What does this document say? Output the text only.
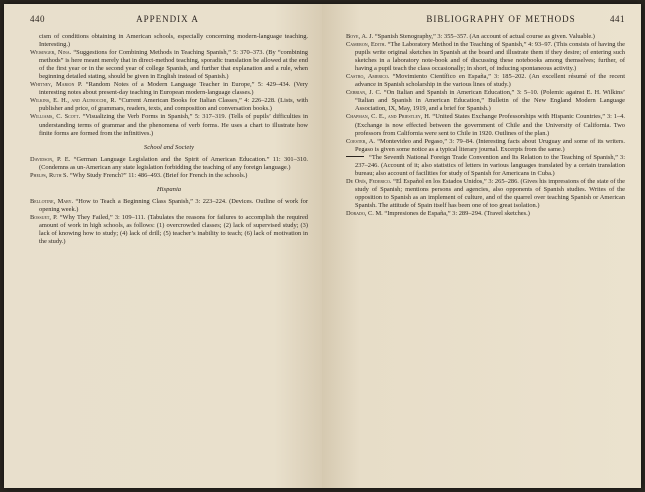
440	APPENDIX A
cism of conditions obtaining in American schools, especially concerning modern-language teaching. Interesting.)
Weisinger, Nina. “Suggestions for Combining Methods in Teaching Spanish,” 5: 370–373. (By “combining methods” is here meant merely that in direct-method teaching, sporadic translation be allowed at the end of the first year or in the second year of college Spanish, and further that explanation and a rule, when beginning detailed stating, should be given in English instead of Spanish.)
Whitney, Marion P. “Random Notes of a Modern Language Teacher in Europe,” 5: 429–434. (Very interesting notes about present-day teaching in European modern-language classes.)
Wilkins, E. H., and Altrocchi, R. “Current American Books for Italian Classes,” 4: 226–228. (Lists, with publisher and price, of grammars, readers, texts, and composition and conversation books.)
Williams, C. Scott. “Visualizing the Verb Forms in Spanish,” 5: 317–319. (Tells of pupils’ difficulties in understanding terms of grammar and the phenomena of verb forms. He uses a chart to illustrate how finite forms are formed from the infinitives.)
School and Society
Davidson, P. E. “German Language Legislation and the Spirit of American Education.” 11: 301–310. (Condemns as un-American any state legislation forbidding the teaching of any foreign language.)
Phelps, Ruth S. “Why Study French?” 11: 486–493. (Brief for French in the schools.)
Hispania
Bellotine, Mary. “How to Teach a Beginning Class Spanish,” 3: 223–224. (Devices. Outline of work for opening week.)
Bossuet, P. “Why They Failed,” 3: 109–111. (Tabulates the reasons for failures to accomplish the required amount of work in high schools, as follows: (1) overcrowded classes; (2) lack of supervised study; (3) lack of knowing how to study; (4) lack of drill; (5) teacher’s inability to teach; (6) lack of motivation in the study.)
BIBLIOGRAPHY OF METHODS	441
Boye, A. J. “Spanish Stenography,” 3: 355–357. (An account of actual course as given. Valuable.)
Cameron, Edith. “The Laboratory Method in the Teaching of Spanish,” 4: 93–97. (This consists of having the pupils write original sketches in Spanish at the board and illustrate them if they desire; of entering such sketches in a laboratory note-book and of discussing these notebooks among themselves; further, of having a pupil teach the class occasionally; in short, of inducing spontaneous activity.)
Castro, Americo. “Movimiento Científico en España,” 3: 185–202. (An excellent résumé of the recent advance in Spanish scholarship in the various lines of study.)
Cebrian, J. C. “On Italian and Spanish in American Education,” 3: 5–10. (Polemic against E. H. Wilkins’ “Italian and Spanish in American Education,” Bulletin of the New England Modern Language Association, IX, May, 1919, and a brief for Spanish.)
Chapman, C. E., and Priestley, H. “United States Exchange Professorships with Hispanic Countries,” 3: 1–4. (Exchange is now effected between the government of Chile and the University of California. Two professors from California were sent to Chile in 1920. Outlines of the plan.)
Coester, A. “Montevideo and Pegaso,” 3: 79–84. (Interesting facts about Uruguay and some of its writers. Pegaso is given some notice as a typical literary journal. Excerpts from the same.)
“The Seventh National Foreign Trade Convention and Its Relation to the Teaching of Spanish,” 3: 237–246. (Account of it; also statistics of letters in various languages translated by a certain translation bureau; also account of facilities for study of Spanish for Americans in Cuba.)
De Onís, Federico. “El Español en los Estados Unidos,” 3: 265–286. (Gives his impressions of the state of the study of Spanish; mentions persons and agencies, also opponents of Spanish studies. Writes of the opposition to Spanish as an implement of culture, and of the quarrel over teaching Spanish or American Spanish. The attitude of Spain itself has been one of too great isolation.)
Dorado, C. M. “Impresiones de España,” 3: 289–294. (Travel sketches.)
